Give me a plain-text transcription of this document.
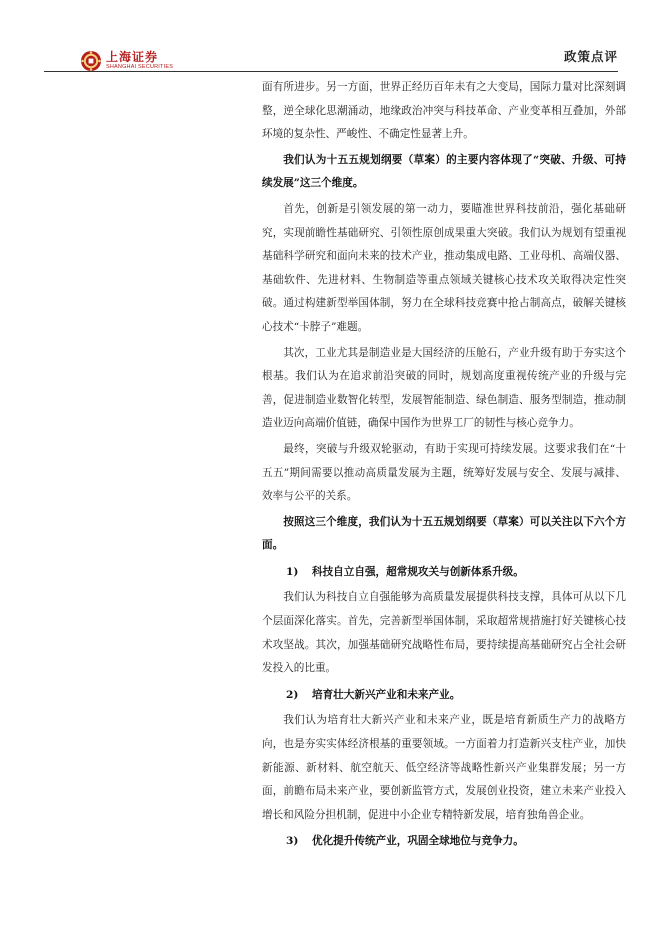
上海证券
SHANGHAI SECURITIES
政策点评

面有所进步。另一方面，世界正经历百年未有之大变局，国际力量对比深刻调整，逆全球化思潮涌动，地缘政治冲突与科技革命、产业变革相互叠加，外部环境的复杂性、严峻性、不确定性显著上升。

我们认为十五五规划纲要（草案）的主要内容体现了“突破、升级、可持续发展”这三个维度。

首先，创新是引领发展的第一动力，要瞄准世界科技前沿，强化基础研究，实现前瞻性基础研究、引领性原创成果重大突破。我们认为规划有望重视基础科学研究和面向未来的技术产业，推动集成电路、工业母机、高端仪器、基础软件、先进材料、生物制造等重点领域关键核心技术攻关取得决定性突破。通过构建新型举国体制，努力在全球科技竞赛中抢占制高点，破解关键核心技术“卡脖子”难题。

其次，工业尤其是制造业是大国经济的压舱石，产业升级有助于夯实这个根基。我们认为在追求前沿突破的同时，规划高度重视传统产业的升级与完善，促进制造业数智化转型，发展智能制造、绿色制造、服务型制造，推动制造业迈向高端价值链，确保中国作为世界工厂的韧性与核心竞争力。

最终，突破与升级双轮驱动，有助于实现可持续发展。这要求我们在“十五五”期间需要以推动高质量发展为主题，统筹好发展与安全、发展与减排、效率与公平的关系。

按照这三个维度，我们认为十五五规划纲要（草案）可以关注以下六个方面。

1) 科技自立自强，超常规攻关与创新体系升级。

我们认为科技自立自强能够为高质量发展提供科技支撑，具体可从以下几个层面深化落实。首先，完善新型举国体制，采取超常规措施打好关键核心技术攻坚战。其次，加强基础研究战略性布局，要持续提高基础研究占全社会研发投入的比重。

2) 培育壮大新兴产业和未来产业。

我们认为培育壮大新兴产业和未来产业，既是培育新质生产力的战略方向，也是夯实实体经济根基的重要领域。一方面着力打造新兴支柱产业，加快新能源、新材料、航空航天、低空经济等战略性新兴产业集群发展；另一方面，前瞻布局未来产业，要创新监管方式，发展创业投资，建立未来产业投入增长和风险分担机制，促进中小企业专精特新发展，培育独角兽企业。

3) 优化提升传统产业，巩固全球地位与竞争力。
